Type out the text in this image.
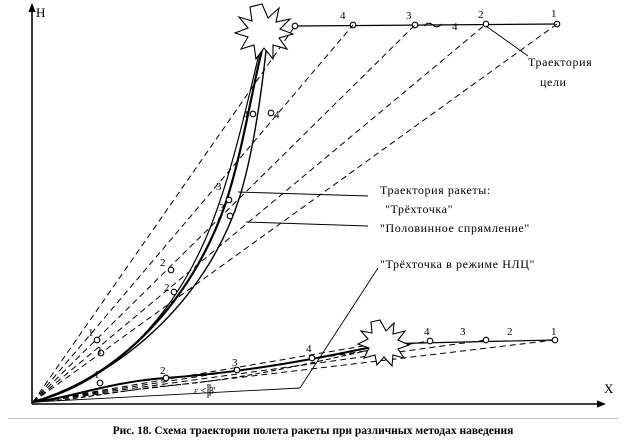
H
X
4	3
4
2	1
4 4
3
3
2
2
1
1
4	3	2	1
1	2
3
4
Траектория
цели
Траектория ракеты:
"Трёхточка"
"Половинное спрямление"
"Трёхточка в режиме НЛЦ"
ε < 3'
Рис. 18. Схема траектории полета ракеты при различных методах наведения
